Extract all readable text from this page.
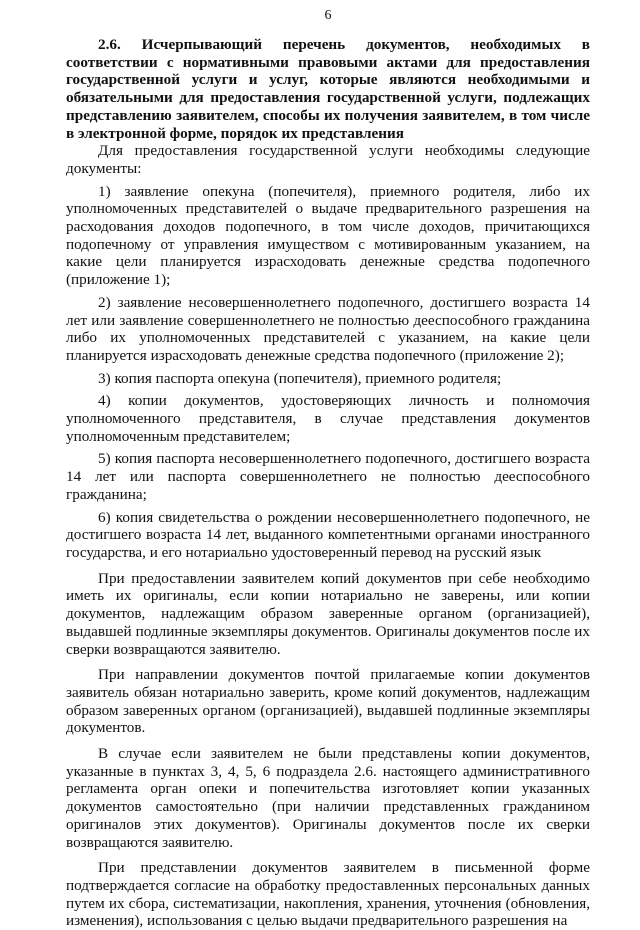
6

2.6. Исчерпывающий перечень документов, необходимых в соответствии с нормативными правовыми актами для предоставления государственной услуги и услуг, которые являются необходимыми и обязательными для предоставления государственной услуги, подлежащих представлению заявителем, способы их получения заявителем, в том числе в электронной форме, порядок их представления

Для предоставления государственной услуги необходимы следующие документы:

1) заявление опекуна (попечителя), приемного родителя, либо их уполномоченных представителей о выдаче предварительного разрешения на расходования доходов подопечного, в том числе доходов, причитающихся подопечному от управления имуществом с мотивированным указанием, на какие цели планируется израсходовать денежные средства подопечного (приложение 1);

2) заявление несовершеннолетнего подопечного, достигшего возраста 14 лет или заявление совершеннолетнего не полностью дееспособного гражданина либо их уполномоченных представителей с указанием, на какие цели планируется израсходовать денежные средства подопечного (приложение 2);

3) копия паспорта опекуна (попечителя), приемного родителя;

4) копии документов, удостоверяющих личность и полномочия уполномоченного представителя, в случае представления документов уполномоченным представителем;

5) копия паспорта несовершеннолетнего подопечного, достигшего возраста 14 лет или паспорта совершеннолетнего не полностью дееспособного гражданина;

6) копия свидетельства о рождении несовершеннолетнего подопечного, не достигшего возраста 14 лет, выданного компетентными органами иностранного государства, и его нотариально удостоверенный перевод на русский язык

При предоставлении заявителем копий документов при себе необходимо иметь их оригиналы, если копии нотариально не заверены, или копии документов, надлежащим образом заверенные органом (организацией), выдавшей подлинные экземпляры документов. Оригиналы документов после их сверки возвращаются заявителю.

При направлении документов почтой прилагаемые копии документов заявитель обязан нотариально заверить, кроме копий документов, надлежащим образом заверенных органом (организацией), выдавшей подлинные экземпляры документов.

В случае если заявителем не были представлены копии документов, указанные в пунктах 3, 4, 5, 6 подраздела 2.6. настоящего административного регламента орган опеки и попечительства изготовляет копии указанных документов самостоятельно (при наличии представленных гражданином оригиналов этих документов). Оригиналы документов после их сверки возвращаются заявителю.

При представлении документов заявителем в письменной форме подтверждается согласие на обработку предоставленных персональных данных путем их сбора, систематизации, накопления, хранения, уточнения (обновления, изменения), использования с целью выдачи предварительного разрешения на
